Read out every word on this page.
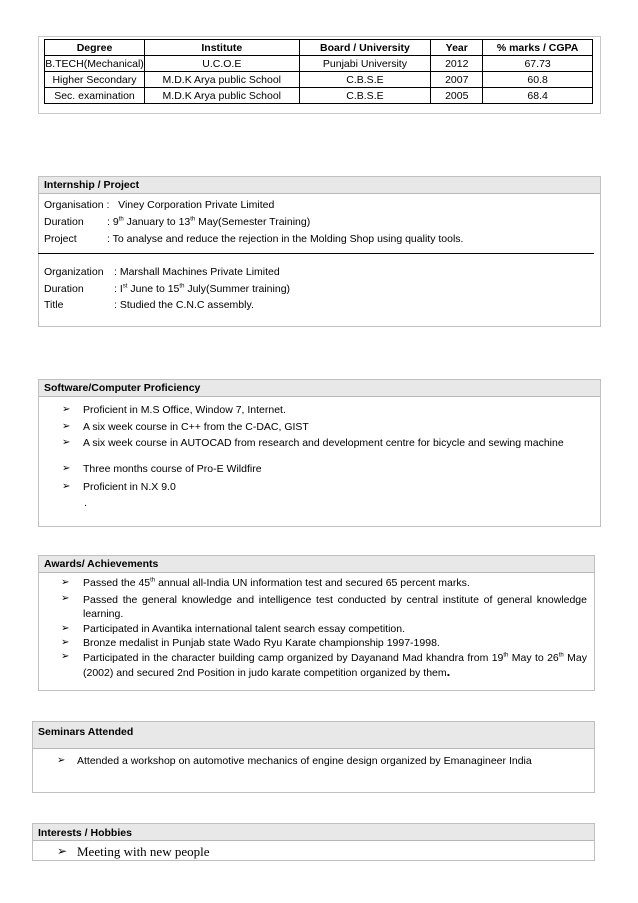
Degree	Institute	Board / University	Year	% marks / CGPA
B.TECH(Mechanical)	U.C.O.E	Punjabi University	2012	67.73
Higher Secondary	M.D.K Arya public School	C.B.S.E	2007	60.8
Sec. examination	M.D.K Arya public School	C.B.S.E	2005	68.4
Internship / Project
Organisation : Viney Corporation Private Limited
Duration : 9th January to 13th May(Semester Training)
Project	: To analyse and reduce the rejection in the Molding Shop using quality tools.
Organization : Marshall Machines Private Limited
Duration	: Ist June to 15th July(Summer training)
Title	: Studied the C.N.C assembly.
Software/Computer Proficiency
➢ Proficient in M.S Office, Window 7, Internet.
➢ A six week course in C++ from the C-DAC, GIST
➢ A six week course in AUTOCAD from research and development centre for bicycle and sewing machine
➢ Three months course of Pro-E Wildfire
➢ Proficient in N.X 9.0
.
Awards/ Achievements
➢ Passed the 45th annual all-India UN information test and secured 65 percent marks.
➢ Passed the general knowledge and intelligence test conducted by central institute of general knowledge learning.
➢ Participated in Avantika international talent search essay competition.
➢ Bronze medalist in Punjab state Wado Ryu Karate championship 1997-1998.
➢ Participated in the character building camp organized by Dayanand Mad khandra from 19th May to 26th May (2002) and secured 2nd Position in judo karate competition organized by them.
Seminars Attended
➢ Attended a workshop on automotive mechanics of engine design organized by Emanagineer India
Interests / Hobbies
➢ Meeting with new people
